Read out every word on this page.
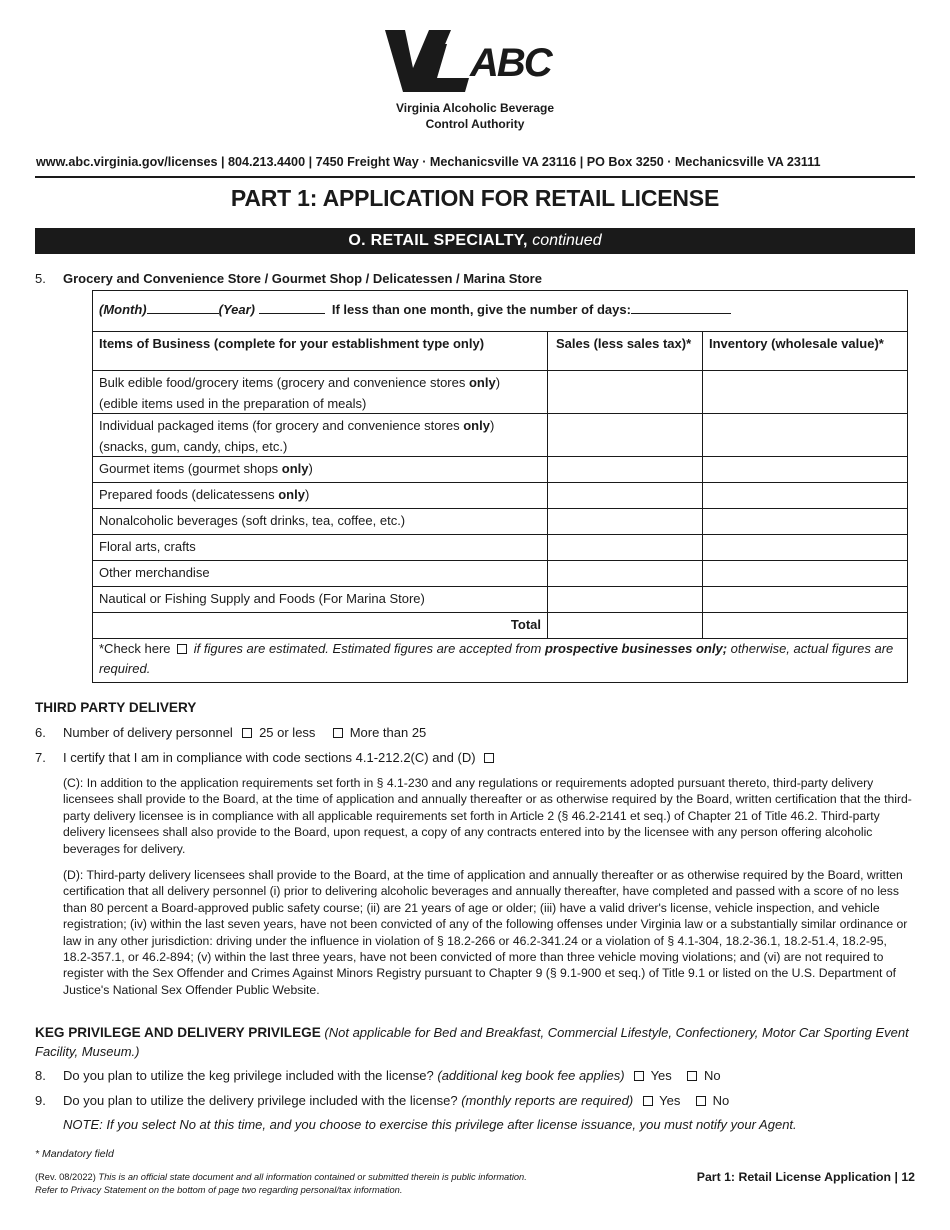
ABC
Virginia Alcoholic Beverage
Control Authority
www.abc.virginia.gov/licenses | 804.213.4400 | 7450 Freight Way · Mechanicsville VA 23116 | PO Box 3250 · Mechanicsville VA 23111
PART 1: APPLICATION FOR RETAIL LICENSE
O. RETAIL SPECIALTY, continued
5. Grocery and Convenience Store / Gourmet Shop / Delicatessen / Marina Store
(Month)	(Year)	If less than one month, give the number of days:
Items of Business (complete for your establishment type only)	Sales (less sales tax)*	Inventory (wholesale value)*
Bulk edible food/grocery items (grocery and convenience stores only)
(edible items used in the preparation of meals)
Individual packaged items (for grocery and convenience stores only)
(snacks, gum, candy, chips, etc.)
Gourmet items (gourmet shops only)
Prepared foods (delicatessens only)
Nonalcoholic beverages (soft drinks, tea, coffee, etc.)
Floral arts, crafts
Other merchandise
Nautical or Fishing Supply and Foods (For Marina Store)
Total
*Check here if figures are estimated. Estimated figures are accepted from prospective businesses only; otherwise, actual figures are required.
THIRD PARTY DELIVERY
6. Number of delivery personnel 25 or less	More than 25
7. I certify that I am in compliance with code sections 4.1-212.2(C) and (D)
(C): In addition to the application requirements set forth in § 4.1-230 and any regulations or requirements adopted pursuant thereto, third-party delivery licensees shall provide to the Board, at the time of application and annually thereafter or as otherwise required by the Board, written certification that the third-party delivery licensee is in compliance with all applicable requirements set forth in Article 2 (§ 46.2-2141 et seq.) of Chapter 21 of Title 46.2. Third-party delivery licensees shall also provide to the Board, upon request, a copy of any contracts entered into by the licensee with any person offering alcoholic beverages for delivery.
(D): Third-party delivery licensees shall provide to the Board, at the time of application and annually thereafter or as otherwise required by the Board, written certification that all delivery personnel (i) prior to delivering alcoholic beverages and annually thereafter, have completed and passed with a score of no less than 80 percent a Board-approved public safety course; (ii) are 21 years of age or older; (iii) have a valid driver's license, vehicle inspection, and vehicle registration; (iv) within the last seven years, have not been convicted of any of the following offenses under Virginia law or a substantially similar ordinance or law in any other jurisdiction: driving under the influence in violation of § 18.2-266 or 46.2-341.24 or a violation of § 4.1-304, 18.2-36.1, 18.2-51.4, 18.2-95, 18.2-357.1, or 46.2-894; (v) within the last three years, have not been convicted of more than three vehicle moving violations; and (vi) are not required to register with the Sex Offender and Crimes Against Minors Registry pursuant to Chapter 9 (§ 9.1-900 et seq.) of Title 9.1 or listed on the U.S. Department of Justice's National Sex Offender Public Website.
KEG PRIVILEGE AND DELIVERY PRIVILEGE (Not applicable for Bed and Breakfast, Commercial Lifestyle, Confectionery, Motor Car Sporting Event Facility, Museum.)
8. Do you plan to utilize the keg privilege included with the license? (additional keg book fee applies) Yes No
9. Do you plan to utilize the delivery privilege included with the license? (monthly reports are required) Yes No
NOTE: If you select No at this time, and you choose to exercise this privilege after license issuance, you must notify your Agent.
* Mandatory field
(Rev. 08/2022) This is an official state document and all information contained or submitted therein is public information.
Refer to Privacy Statement on the bottom of page two regarding personal/tax information.
Part 1: Retail License Application | 12
